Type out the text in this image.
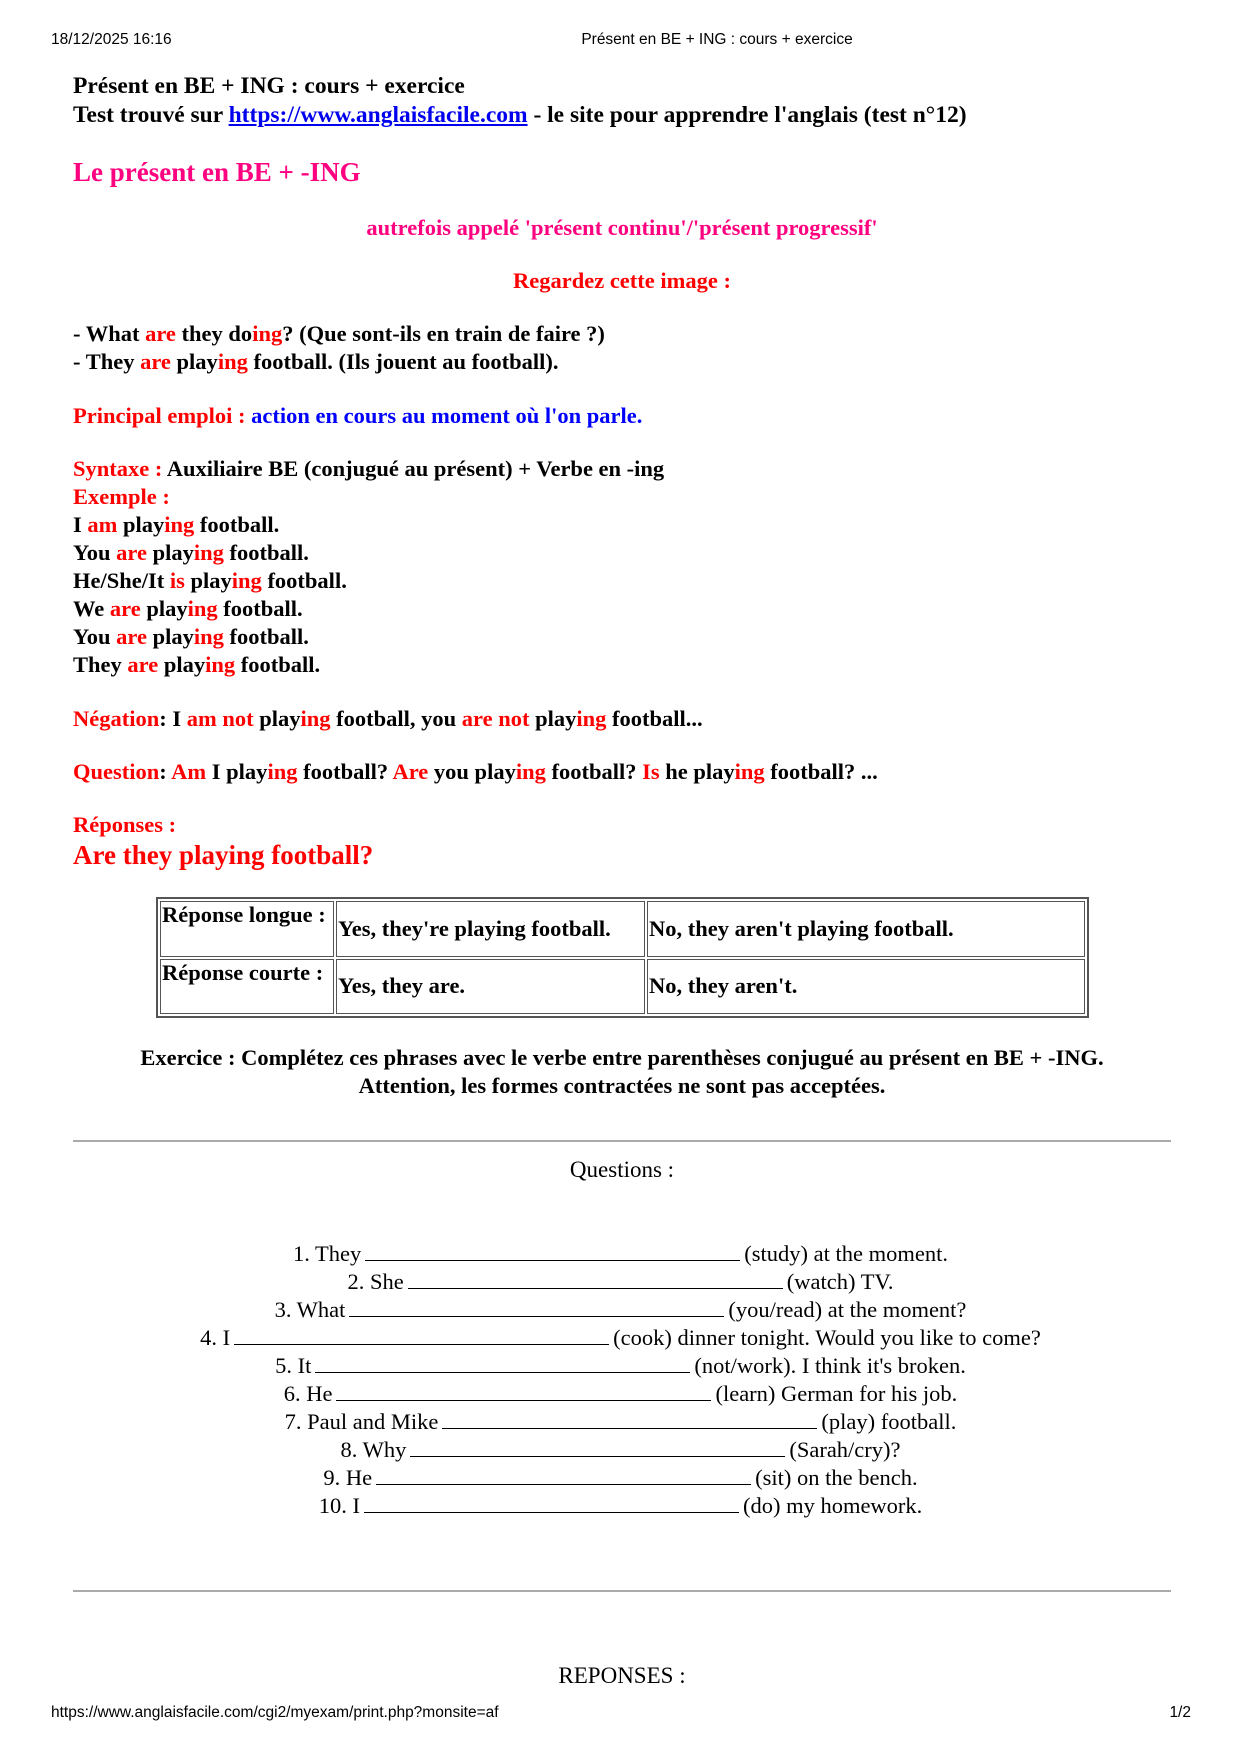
18/12/2025 16:16	Présent en BE + ING : cours + exercice
Présent en BE + ING : cours + exercice
Test trouvé sur https://www.anglaisfacile.com - le site pour apprendre l'anglais (test n°12)
Le présent en BE + -ING
autrefois appelé 'présent continu'/'présent progressif'
Regardez cette image :
- What are they doing? (Que sont-ils en train de faire ?)
- They are playing football. (Ils jouent au football).
Principal emploi : action en cours au moment où l'on parle.
Syntaxe : Auxiliaire BE (conjugué au présent) + Verbe en -ing
Exemple :
I am playing football.
You are playing football.
He/She/It is playing football.
We are playing football.
You are playing football.
They are playing football.
Négation: I am not playing football, you are not playing football...
Question: Am I playing football? Are you playing football? Is he playing football? ...
Réponses :
Are they playing football?
Réponse longue :	Yes, they're playing football.	No, they aren't playing football.
Réponse courte :	Yes, they are.	No, they aren't.
Exercice : Complétez ces phrases avec le verbe entre parenthèses conjugué au présent en BE + -ING.
Attention, les formes contractées ne sont pas acceptées.
Questions :
1. They	(study) at the moment.
2. She	(watch) TV.
3. What	(you/read) at the moment?
4. I	(cook) dinner tonight. Would you like to come?
5. It	(not/work). I think it's broken.
6. He	(learn) German for his job.
7. Paul and Mike	(play) football.
8. Why	(Sarah/cry)?
9. He	(sit) on the bench.
10. I	(do) my homework.
REPONSES :
https://www.anglaisfacile.com/cgi2/myexam/print.php?monsite=af	1/2
